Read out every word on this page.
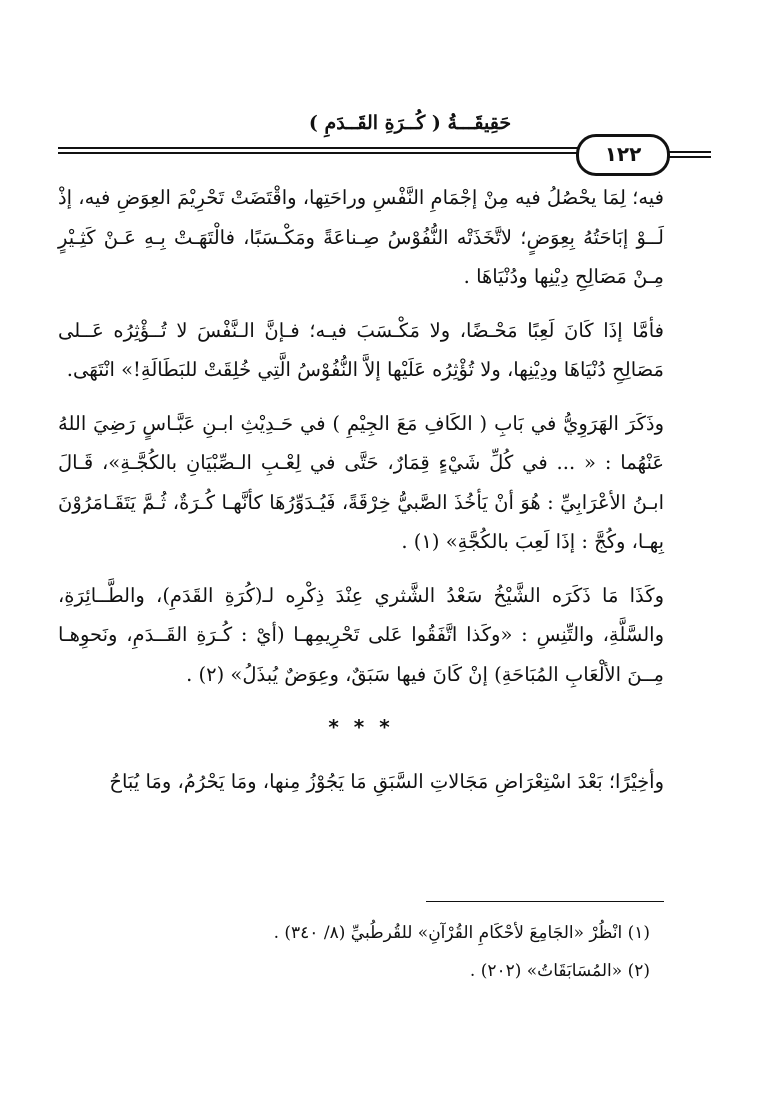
حَقِيقَـــةُ ( كُــرَةِ القَــدَمِ )
١٢٢

فيه؛ لِمَا يحْصُلُ فيه مِنْ إجْمَامِ النَّفْسِ وراحَتِها، واقْتَضَتْ تَحْرِيْمَ العِوَضِ فيه، إذْ لَــوْ إبَاحَتُهُ بِعِوَضٍ؛ لاتَّخَذَتْه النُّفُوْسُ صِـناعَةً ومَكْـسَبًا، فالْتَهَـتْ بِـهِ عَـنْ كَثِـيْرٍ مِـنْ مَصَالِحِ دِيْنِها ودُنْيَاهَا .

فأمَّا إذَا كَانَ لَعِبًا مَحْـضًا، ولا مَكْـسَبَ فيـه؛ فـإنَّ الـنَّفْسَ لا تُــؤْثِرُه عَــلى مَصَالِحِ دُنْيَاهَا ودِيْنِها، ولا تُؤْثِرُه عَلَيْها إلاَّ النُّفُوْسُ الَّتِي خُلِقَتْ للبَطَالَةِ!» انْتَهَى.

وذَكَرَ الهَرَوِيُّ في بَابِ ( الكَافِ مَعَ الجِيْمِ ) في حَـدِيْثِ ابـنِ عَبَّـاسٍ رَضِيَ اللهُ عَنْهُما : « ... في كُلِّ شَيْءٍ قِمَارٌ، حَتَّى في لِعْـبِ الـصِّبْيَانِ بالكُجَّـةِ»، قَـالَ ابـنُ الأعْرَابِيِّ : هُوَ أنْ يَأخُذَ الصَّبيُّ خِرْقَةً، فَيُـدَوِّرُهَا كأنَّهـا كُـرَةٌ، ثُـمَّ يَتَقَـامَرُوْنَ بِهـا، وكُجَّ : إذَا لَعِبَ بالكُجَّةِ» (١) .

وكَذَا مَا ذَكَرَه الشَّيْخُ سَعْدُ الشَّثري عِنْدَ ذِكْرِه لـ(كُرَةِ القَدَمِ)، والطَّــائِرَةِ، والسَّلَّةِ، والتِّنِسِ : «وكَذا اتَّفَقُوا عَلى تَحْرِيمِهـا (أيْ : كُـرَةِ القَــدَمِ، ونَحوِهـا مِــنَ الألْعَابِ المُبَاحَةِ) إنْ كَانَ فيها سَبَقٌ، وعِوَضٌ يُبذَلُ» (٢) .

* * *

وأخِيْرًا؛ بَعْدَ اسْتِعْرَاضِ مَجَالاتِ السَّبَقِ مَا يَجُوْزُ مِنها، ومَا يَحْرُمُ، ومَا يُبَاحُ

(١) انْظُرْ «الجَامِعَ لأحْكَامِ القُرْآنِ» للقُرطُبيِّ (٨/ ٣٤٠) .

(٢) «المُسَابَقَاتُ» (٢٠٢) .
